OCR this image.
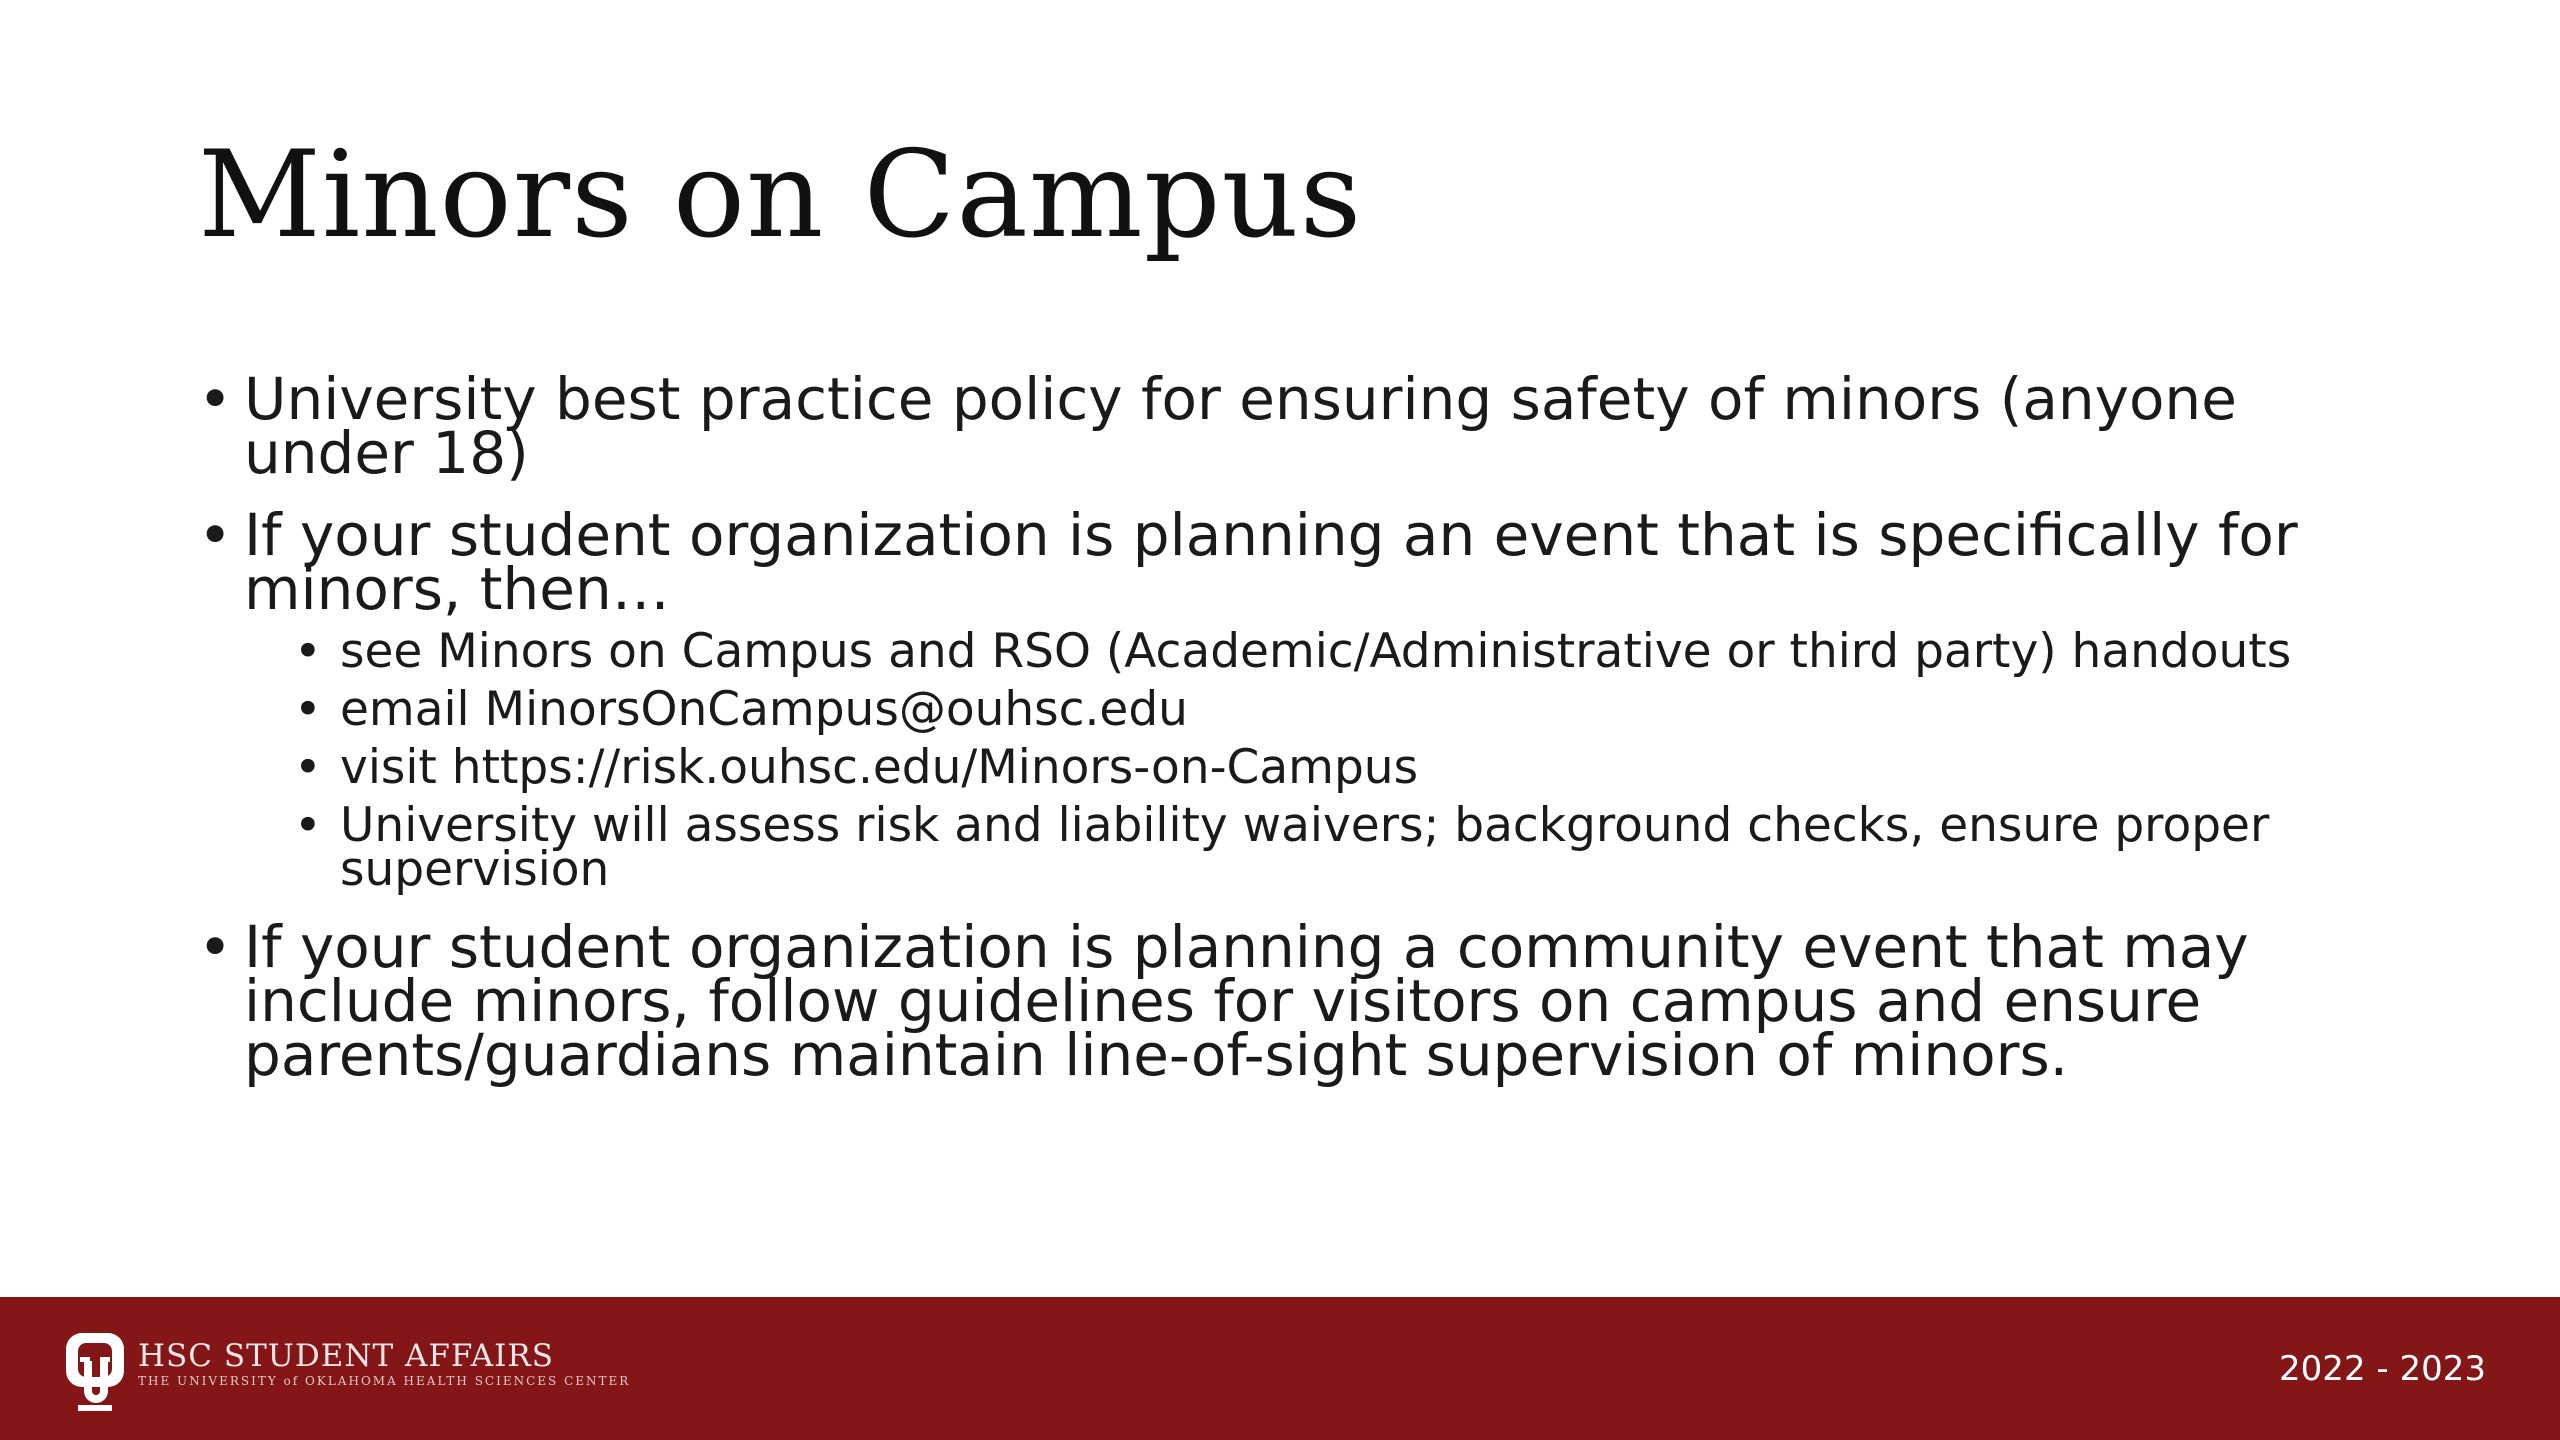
Minors on Campus
• University best practice policy for ensuring safety of minors (anyone under 18)
• If your student organization is planning an event that is specifically for minors, then…
• see Minors on Campus and RSO (Academic/Administrative or third party) handouts
• email MinorsOnCampus@ouhsc.edu
• visit https://risk.ouhsc.edu/Minors-on-Campus
• University will assess risk and liability waivers; background checks, ensure proper supervision
• If your student organization is planning a community event that may include minors, follow guidelines for visitors on campus and ensure parents/guardians maintain line-of-sight supervision of minors.
HSC STUDENT AFFAIRS
THE UNIVERSITY of OKLAHOMA HEALTH SCIENCES CENTER	2022 - 2023
